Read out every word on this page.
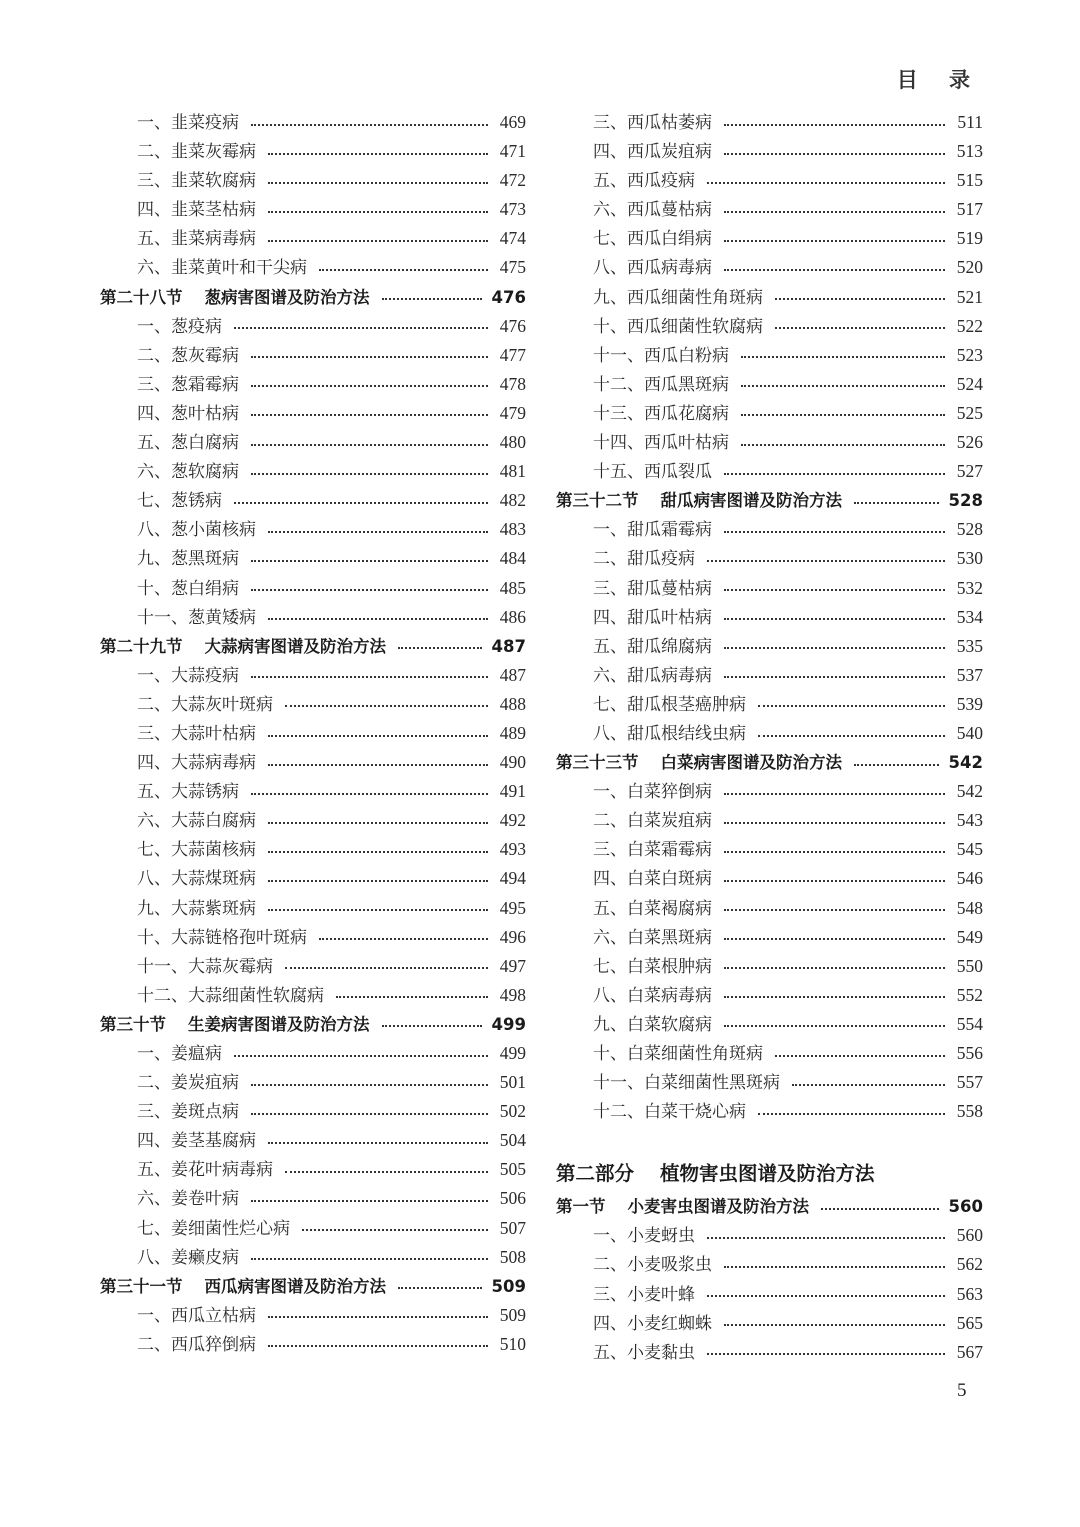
目 录
一、韭菜疫病	469
二、韭菜灰霉病	471
三、韭菜软腐病	472
四、韭菜茎枯病	473
五、韭菜病毒病	474
六、韭菜黄叶和干尖病	475
第二十八节 葱病害图谱及防治方法	476
一、葱疫病	476
二、葱灰霉病	477
三、葱霜霉病	478
四、葱叶枯病	479
五、葱白腐病	480
六、葱软腐病	481
七、葱锈病	482
八、葱小菌核病	483
九、葱黑斑病	484
十、葱白绢病	485
十一、葱黄矮病	486
第二十九节 大蒜病害图谱及防治方法	487
一、大蒜疫病	487
二、大蒜灰叶斑病	488
三、大蒜叶枯病	489
四、大蒜病毒病	490
五、大蒜锈病	491
六、大蒜白腐病	492
七、大蒜菌核病	493
八、大蒜煤斑病	494
九、大蒜紫斑病	495
十、大蒜链格孢叶斑病	496
十一、大蒜灰霉病	497
十二、大蒜细菌性软腐病	498
第三十节 生姜病害图谱及防治方法	499
一、姜瘟病	499
二、姜炭疽病	501
三、姜斑点病	502
四、姜茎基腐病	504
五、姜花叶病毒病	505
六、姜卷叶病	506
七、姜细菌性烂心病	507
八、姜癞皮病	508
第三十一节 西瓜病害图谱及防治方法	509
一、西瓜立枯病	509
二、西瓜猝倒病	510
三、西瓜枯萎病	511
四、西瓜炭疽病	513
五、西瓜疫病	515
六、西瓜蔓枯病	517
七、西瓜白绢病	519
八、西瓜病毒病	520
九、西瓜细菌性角斑病	521
十、西瓜细菌性软腐病	522
十一、西瓜白粉病	523
十二、西瓜黑斑病	524
十三、西瓜花腐病	525
十四、西瓜叶枯病	526
十五、西瓜裂瓜	527
第三十二节 甜瓜病害图谱及防治方法	528
一、甜瓜霜霉病	528
二、甜瓜疫病	530
三、甜瓜蔓枯病	532
四、甜瓜叶枯病	534
五、甜瓜绵腐病	535
六、甜瓜病毒病	537
七、甜瓜根茎癌肿病	539
八、甜瓜根结线虫病	540
第三十三节 白菜病害图谱及防治方法	542
一、白菜猝倒病	542
二、白菜炭疽病	543
三、白菜霜霉病	545
四、白菜白斑病	546
五、白菜褐腐病	548
六、白菜黑斑病	549
七、白菜根肿病	550
八、白菜病毒病	552
九、白菜软腐病	554
十、白菜细菌性角斑病	556
十一、白菜细菌性黑斑病	557
十二、白菜干烧心病	558
第二部分 植物害虫图谱及防治方法
第一节 小麦害虫图谱及防治方法	560
一、小麦蚜虫	560
二、小麦吸浆虫	562
三、小麦叶蜂	563
四、小麦红蜘蛛	565
五、小麦黏虫	567
5
